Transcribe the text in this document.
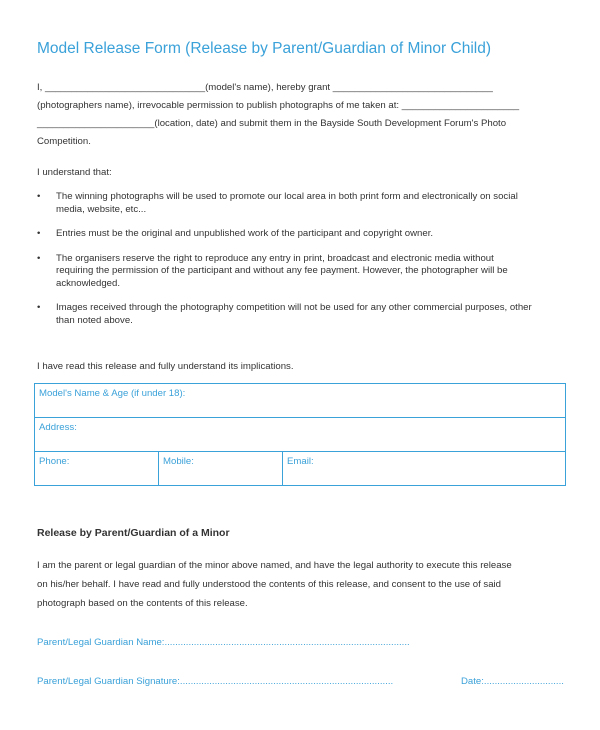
Model Release Form (Release by Parent/Guardian of Minor Child)
I, ______________________________(model's name), hereby grant ______________________________
(photographers name), irrevocable permission to publish photographs of me taken at: ______________________
______________________(location, date) and submit them in the Bayside South Development Forum's Photo
Competition.
I understand that:
• The winning photographs will be used to promote our local area in both print form and electronically on social
media, website, etc...
• Entries must be the original and unpublished work of the participant and copyright owner.
• The organisers reserve the right to reproduce any entry in print, broadcast and electronic media without
requiring the permission of the participant and without any fee payment. However, the photographer will be
acknowledged.
• Images received through the photography competition will not be used for any other commercial purposes, other
than noted above.
I have read this release and fully understand its implications.
Model's Name & Age (if under 18):
Address:
Phone:	Mobile:	Email:
Release by Parent/Guardian of a Minor
I am the parent or legal guardian of the minor above named, and have the legal authority to execute this release
on his/her behalf. I have read and fully understood the contents of this release, and consent to the use of said
photograph based on the contents of this release.
Parent/Legal Guardian Name:............................................................................................
Parent/Legal Guardian Signature:................................................................................	Date:..............................
